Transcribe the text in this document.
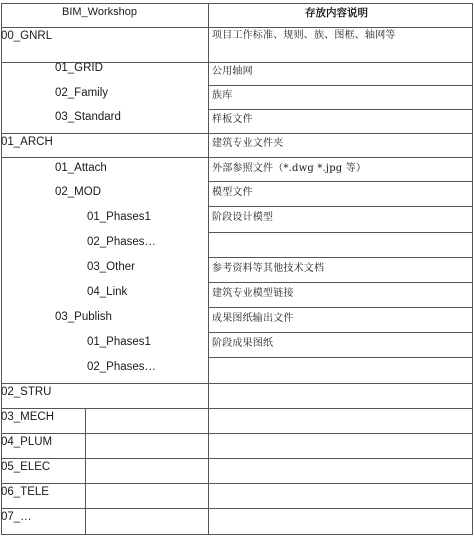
BIM_Workshop	存放内容说明
00_GNRL
01_GRID
02_Family
03_Standard
01_ARCH
01_Attach
02_MOD
01_Phases1
02_Phases…
03_Other
04_Link
03_Publish
01_Phases1
02_Phases…
02_STRU
03_MECH
04_PLUM
05_ELEC
06_TELE
07_…
项目工作标准、规则、族、图框、轴网等
公用轴网
族库
样板文件
建筑专业文件夹
外部参照文件（*.dwg *.jpg 等）
模型文件
阶段设计模型
参考资料等其他技术文档
建筑专业模型链接
成果图纸输出文件
阶段成果图纸
